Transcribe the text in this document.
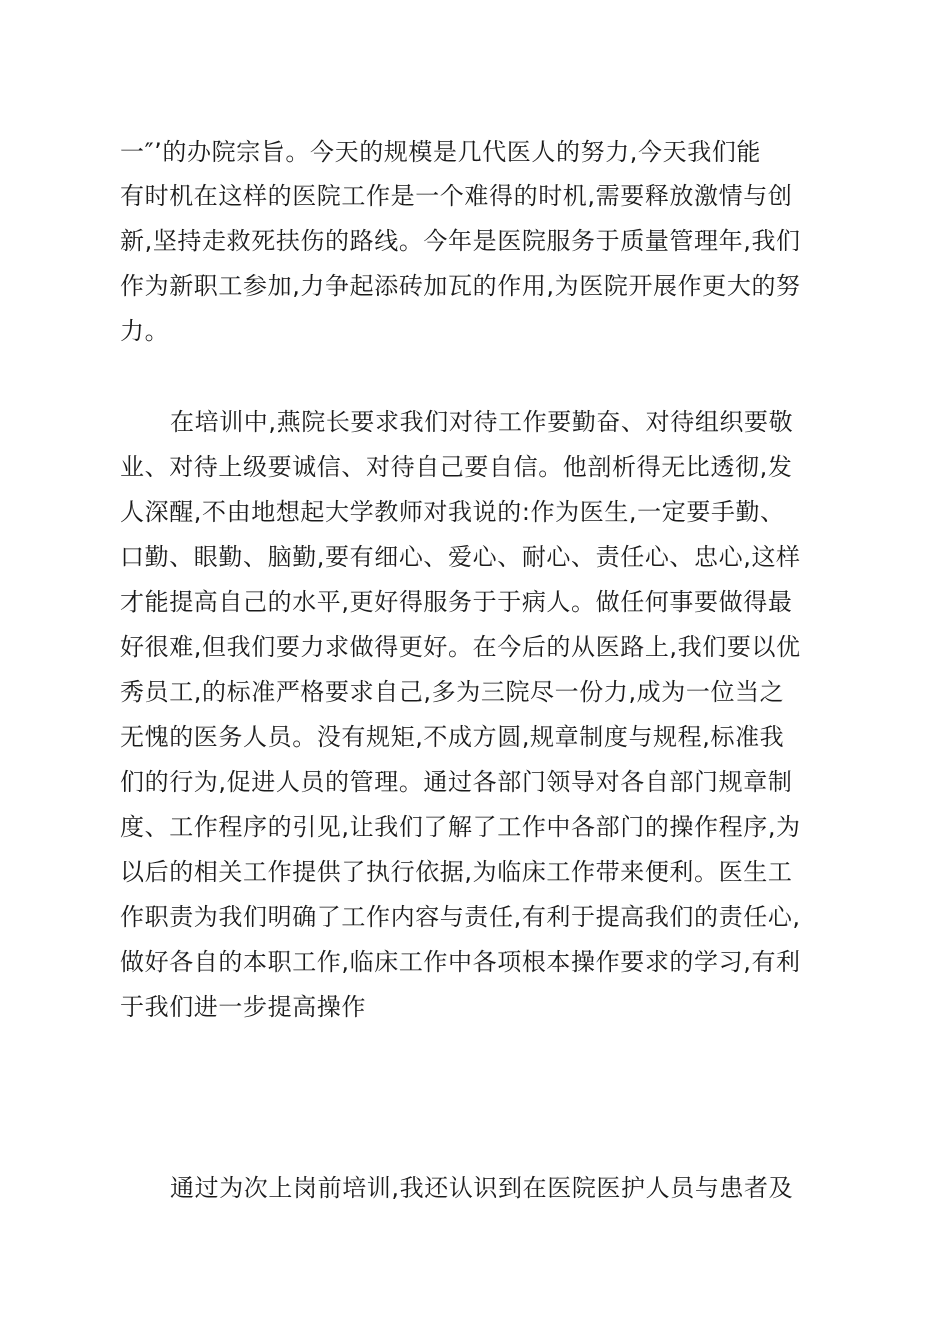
一″’的办院宗旨。今天的规模是几代医人的努力,今天我们能
有时机在这样的医院工作是一个难得的时机,需要释放激情与创
新,坚持走救死扶伤的路线。今年是医院服务于质量管理年,我们
作为新职工参加,力争起添砖加瓦的作用,为医院开展作更大的努
力。
在培训中,燕院长要求我们对待工作要勤奋、对待组织要敬
业、对待上级要诚信、对待自己要自信。他剖析得无比透彻,发
人深醒,不由地想起大学教师对我说的:作为医生,一定要手勤、
口勤、眼勤、脑勤,要有细心、爱心、耐心、责任心、忠心,这样
才能提高自己的水平,更好得服务于于病人。做任何事要做得最
好很难,但我们要力求做得更好。在今后的从医路上,我们要以优
秀员工,的标准严格要求自己,多为三院尽一份力,成为一位当之
无愧的医务人员。没有规矩,不成方圆,规章制度与规程,标准我
们的行为,促进人员的管理。通过各部门领导对各自部门规章制
度、工作程序的引见,让我们了解了工作中各部门的操作程序,为
以后的相关工作提供了执行依据,为临床工作带来便利。医生工
作职责为我们明确了工作内容与责任,有利于提高我们的责任心,
做好各自的本职工作,临床工作中各项根本操作要求的学习,有利
于我们进一步提高操作
通过为次上岗前培训,我还认识到在医院医护人员与患者及
